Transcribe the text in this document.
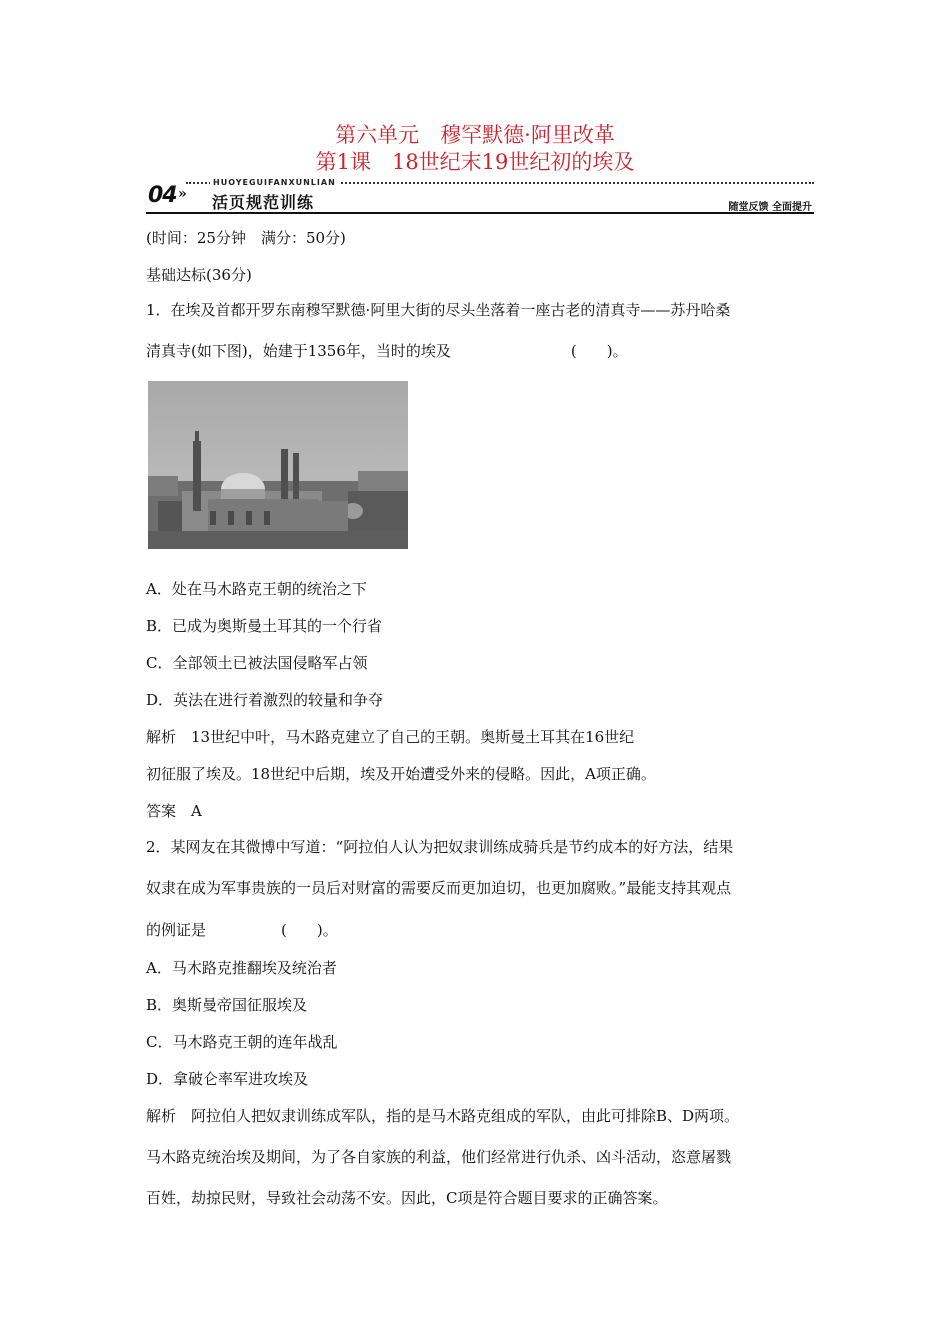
第六单元　穆罕默德·阿里改革
第1课　18世纪末19世纪初的埃及
HUOYEGUIFANXUNLIAN
04 » 活页规范训练	随堂反馈 全面提升
(时间：25分钟　满分：50分)
基础达标(36分)
1．在埃及首都开罗东南穆罕默德·阿里大街的尽头坐落着一座古老的清真寺——苏丹哈桑
清真寺(如下图)，始建于1356年，当时的埃及　　　　　　　　(　　)。
A．处在马木路克王朝的统治之下
B．已成为奥斯曼土耳其的一个行省
C．全部领土已被法国侵略军占领
D．英法在进行着激烈的较量和争夺
解析　13世纪中叶，马木路克建立了自己的王朝。奥斯曼土耳其在16世纪
初征服了埃及。18世纪中后期，埃及开始遭受外来的侵略。因此，A项正确。
答案　A
2．某网友在其微博中写道：“阿拉伯人认为把奴隶训练成骑兵是节约成本的好方法，结果
奴隶在成为军事贵族的一员后对财富的需要反而更加迫切，也更加腐败。”最能支持其观点
的例证是　　　　　(　　)。
A．马木路克推翻埃及统治者
B．奥斯曼帝国征服埃及
C．马木路克王朝的连年战乱
D．拿破仑率军进攻埃及
解析　阿拉伯人把奴隶训练成军队，指的是马木路克组成的军队，由此可排除B、D两项。
马木路克统治埃及期间，为了各自家族的利益，他们经常进行仇杀、凶斗活动，恣意屠戮
百姓，劫掠民财，导致社会动荡不安。因此，C项是符合题目要求的正确答案。
